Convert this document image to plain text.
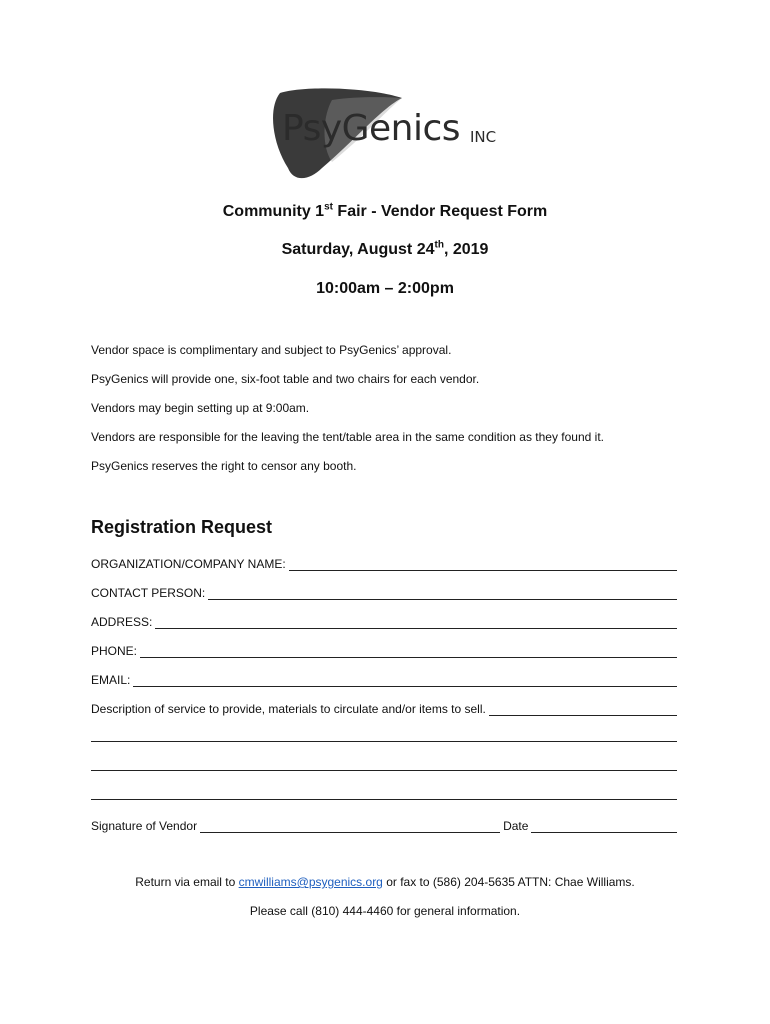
PsyGenics INC

Community 1st Fair - Vendor Request Form

Saturday, August 24th, 2019

10:00am – 2:00pm

Vendor space is complimentary and subject to PsyGenics’ approval.

PsyGenics will provide one, six-foot table and two chairs for each vendor.

Vendors may begin setting up at 9:00am.

Vendors are responsible for the leaving the tent/table area in the same condition as they found it.

PsyGenics reserves the right to censor any booth.

Registration Request

ORGANIZATION/COMPANY NAME:
CONTACT PERSON:
ADDRESS:
PHONE:
EMAIL:
Description of service to provide, materials to circulate and/or items to sell.
Signature of Vendor	Date

Return via email to cmwilliams@psygenics.org or fax to (586) 204-5635 ATTN: Chae Williams.

Please call (810) 444-4460 for general information.
